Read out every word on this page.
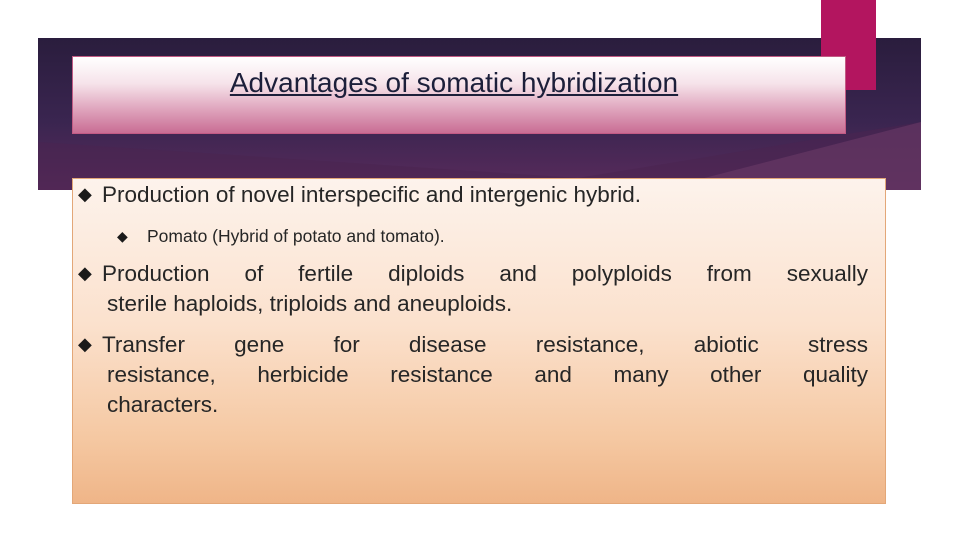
Advantages of somatic hybridization
◆ Production of novel interspecific and intergenic hybrid.
◆ Pomato (Hybrid of potato and tomato).
◆ Production of fertile diploids and polyploids from sexually
sterile haploids, triploids and aneuploids.
◆ Transfer gene for disease resistance, abiotic stress
resistance, herbicide resistance and many other quality
characters.
